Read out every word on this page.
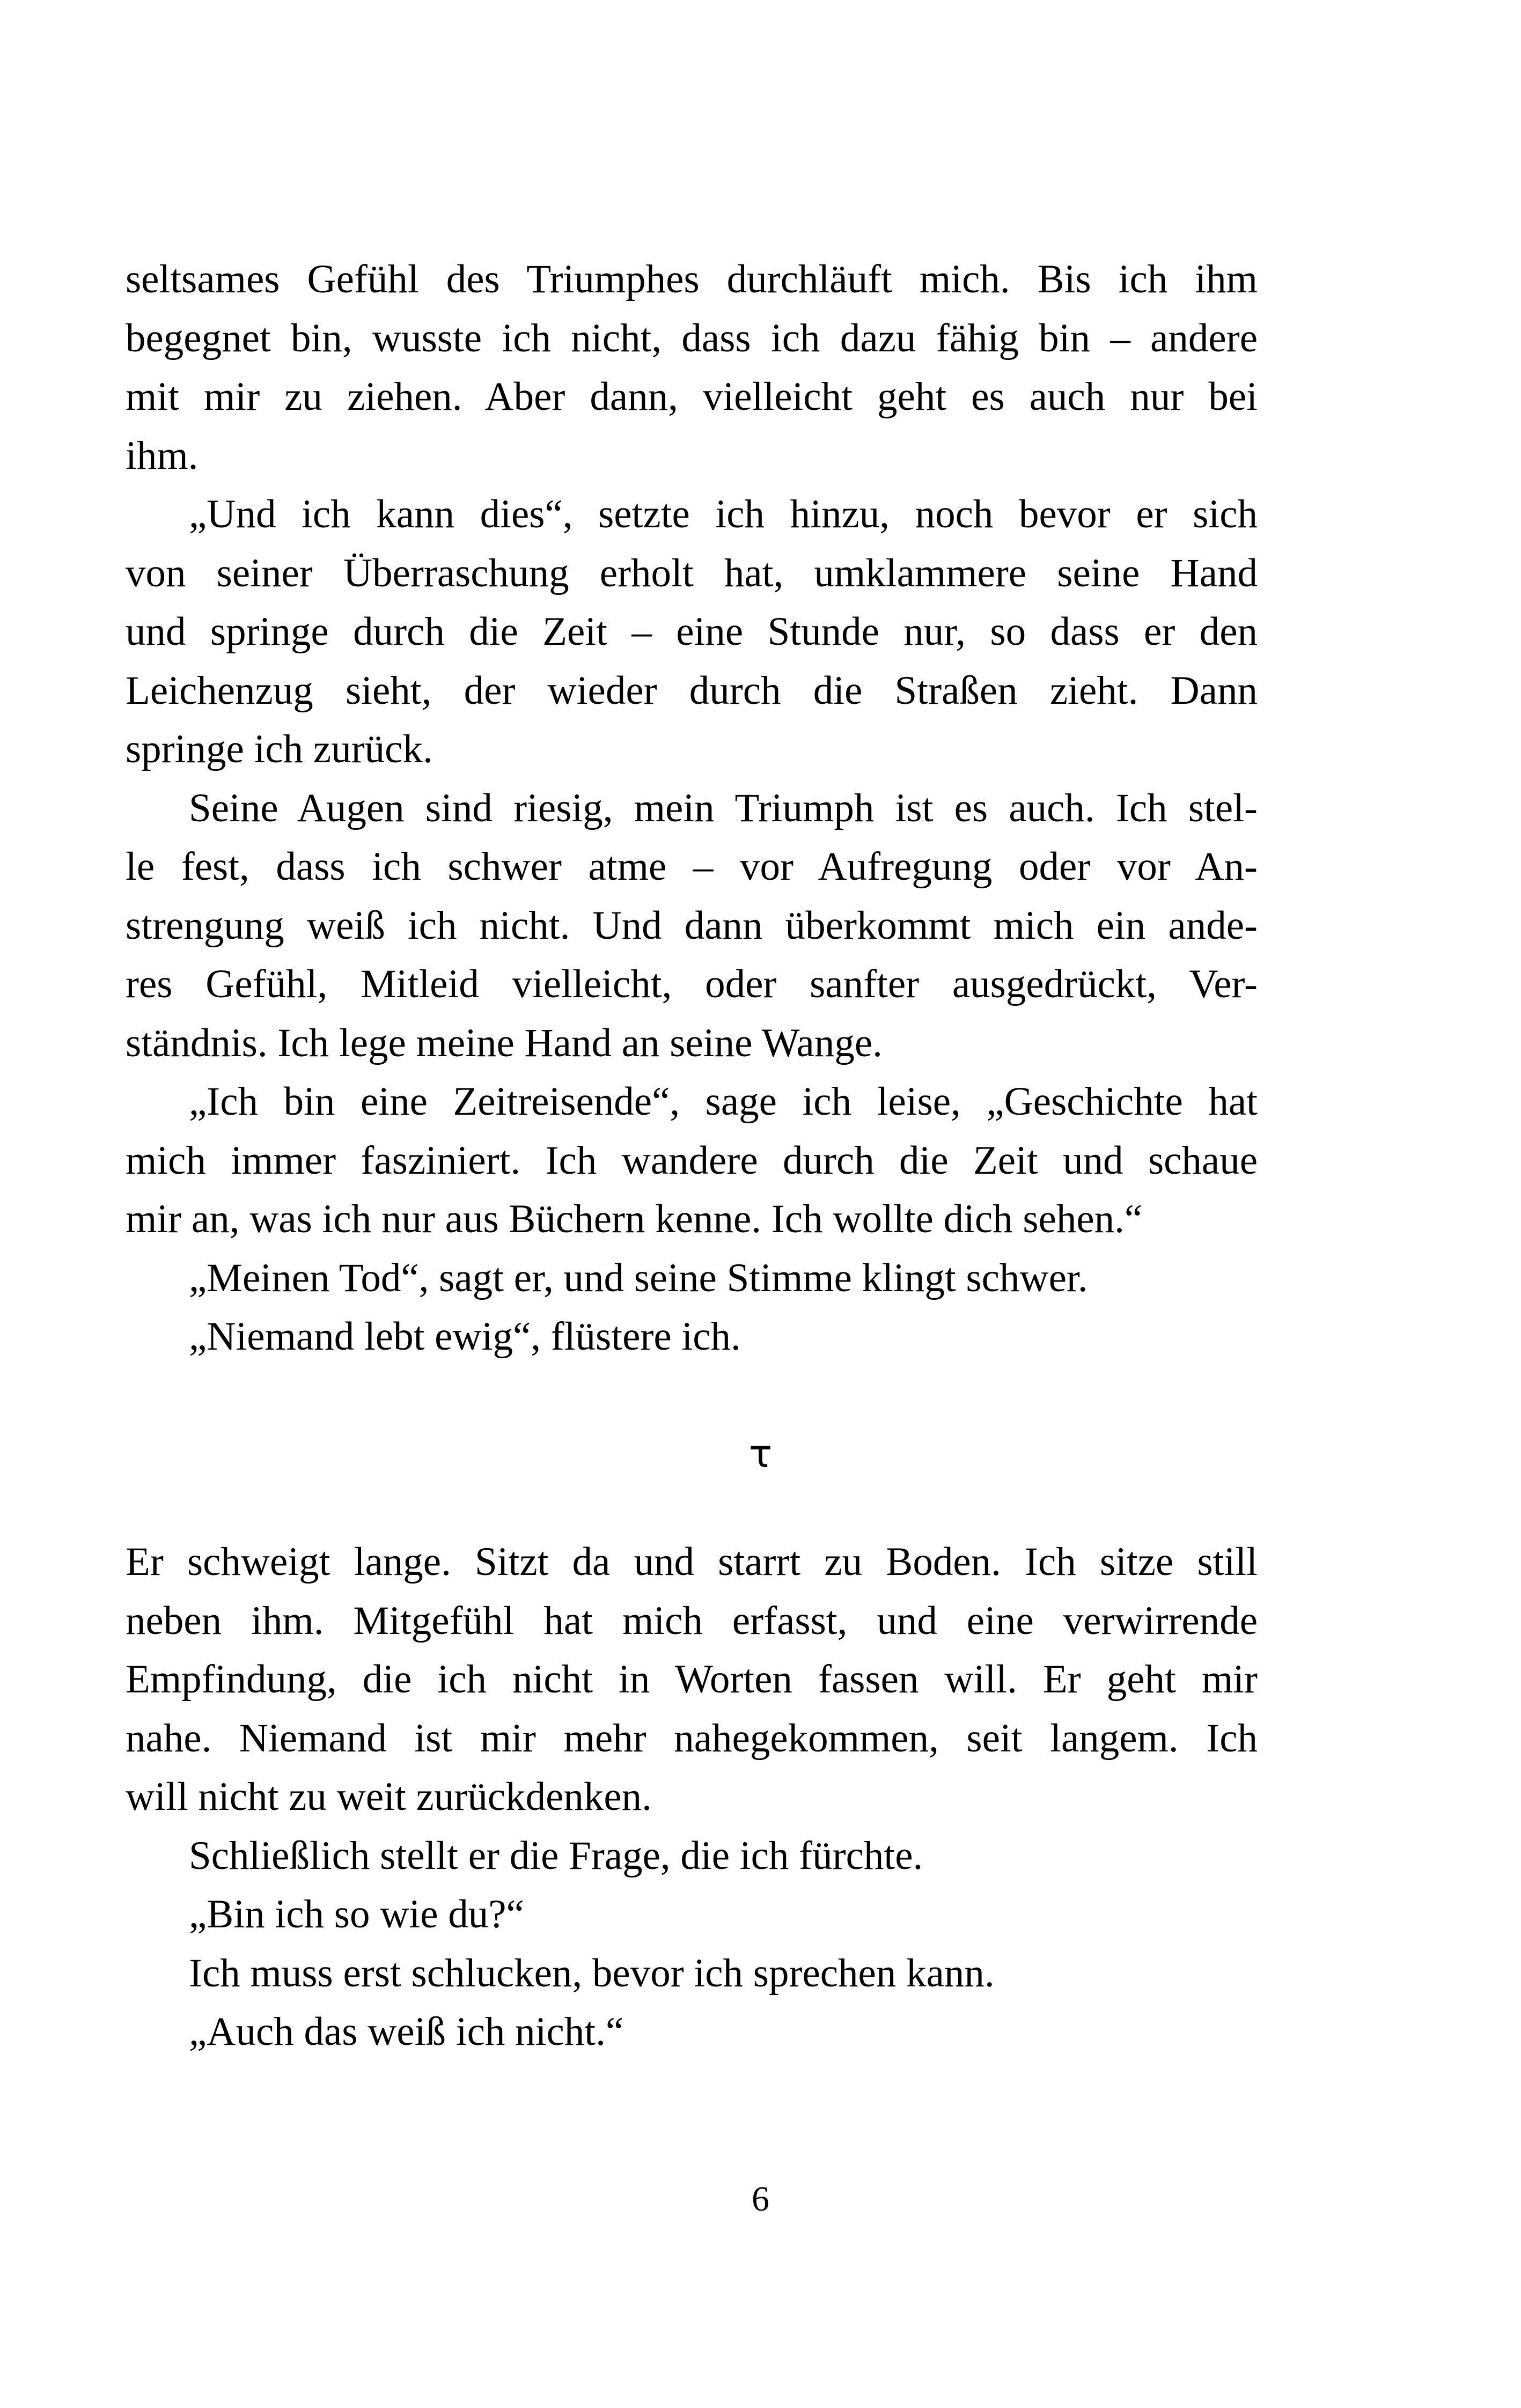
seltsames Gefühl des Triumphes durchläuft mich. Bis ich ihm
begegnet bin, wusste ich nicht, dass ich dazu fähig bin – andere
mit mir zu ziehen. Aber dann, vielleicht geht es auch nur bei
ihm.
„Und ich kann dies“, setzte ich hinzu, noch bevor er sich
von seiner Überraschung erholt hat, umklammere seine Hand
und springe durch die Zeit – eine Stunde nur, so dass er den
Leichenzug sieht, der wieder durch die Straßen zieht. Dann
springe ich zurück.
Seine Augen sind riesig, mein Triumph ist es auch. Ich stel-
le fest, dass ich schwer atme – vor Aufregung oder vor An-
strengung weiß ich nicht. Und dann überkommt mich ein ande-
res Gefühl, Mitleid vielleicht, oder sanfter ausgedrückt, Ver-
ständnis. Ich lege meine Hand an seine Wange.
„Ich bin eine Zeitreisende“, sage ich leise, „Geschichte hat
mich immer fasziniert. Ich wandere durch die Zeit und schaue
mir an, was ich nur aus Büchern kenne. Ich wollte dich sehen.“
„Meinen Tod“, sagt er, und seine Stimme klingt schwer.
„Niemand lebt ewig“, flüstere ich.
τ
Er schweigt lange. Sitzt da und starrt zu Boden. Ich sitze still
neben ihm. Mitgefühl hat mich erfasst, und eine verwirrende
Empfindung, die ich nicht in Worten fassen will. Er geht mir
nahe. Niemand ist mir mehr nahegekommen, seit langem. Ich
will nicht zu weit zurückdenken.
Schließlich stellt er die Frage, die ich fürchte.
„Bin ich so wie du?“
Ich muss erst schlucken, bevor ich sprechen kann.
„Auch das weiß ich nicht.“
6
